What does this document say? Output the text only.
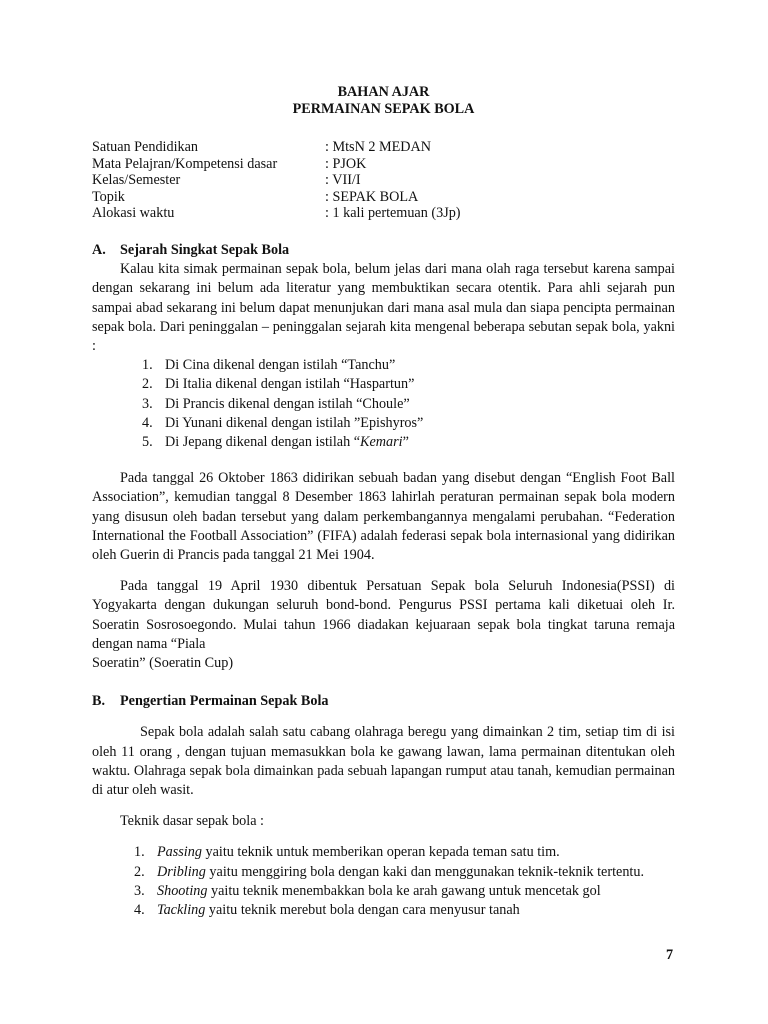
BAHAN AJAR
PERMAINAN SEPAK BOLA
Satuan Pendidikan	: MtsN 2 MEDAN
Mata Pelajran/Kompetensi dasar	: PJOK
Kelas/Semester	: VII/I
Topik	: SEPAK BOLA
Alokasi waktu	: 1 kali pertemuan (3Jp)
A. Sejarah Singkat Sepak Bola

Kalau kita simak permainan sepak bola, belum jelas dari mana olah raga tersebut karena sampai dengan sekarang ini belum ada literatur yang membuktikan secara otentik. Para ahli sejarah pun sampai abad sekarang ini belum dapat menunjukan dari mana asal mula dan siapa pencipta permainan sepak bola. Dari peninggalan – peninggalan sejarah kita mengenal beberapa sebutan sepak bola, yakni :

1. Di Cina dikenal dengan istilah “Tanchu”
2. Di Italia dikenal dengan istilah “Haspartun”
3. Di Prancis dikenal dengan istilah “Choule”
4. Di Yunani dikenal dengan istilah ”Epishyros”
5. Di Jepang dikenal dengan istilah “Kemari”

Pada tanggal 26 Oktober 1863 didirikan sebuah badan yang disebut dengan “English Foot Ball Association”, kemudian tanggal 8 Desember 1863 lahirlah peraturan permainan sepak bola modern yang disusun oleh badan tersebut yang dalam perkembangannya mengalami perubahan. “Federation International the Football Association” (FIFA) adalah federasi sepak bola internasional yang didirikan oleh Guerin di Prancis pada tanggal 21 Mei 1904.

Pada tanggal 19 April 1930 dibentuk Persatuan Sepak bola Seluruh Indonesia(PSSI) di Yogyakarta dengan dukungan seluruh bond-bond. Pengurus PSSI pertama kali diketuai oleh Ir. Soeratin Sosrosoegondo. Mulai tahun 1966 diadakan kejuaraan sepak bola tingkat taruna remaja dengan nama “Piala

Soeratin” (Soeratin Cup)

B. Pengertian Permainan Sepak Bola

Sepak bola adalah salah satu cabang olahraga beregu yang dimainkan 2 tim, setiap tim di isi oleh 11 orang , dengan tujuan memasukkan bola ke gawang lawan, lama permainan ditentukan oleh waktu. Olahraga sepak bola dimainkan pada sebuah lapangan rumput atau tanah, kemudian permainan di atur oleh wasit.

Teknik dasar sepak bola :

1. Passing yaitu teknik untuk memberikan operan kepada teman satu tim.
2. Dribling yaitu menggiring bola dengan kaki dan menggunakan teknik-teknik tertentu.
3. Shooting yaitu teknik menembakkan bola ke arah gawang untuk mencetak gol
4. Tackling yaitu teknik merebut bola dengan cara menyusur tanah
7
